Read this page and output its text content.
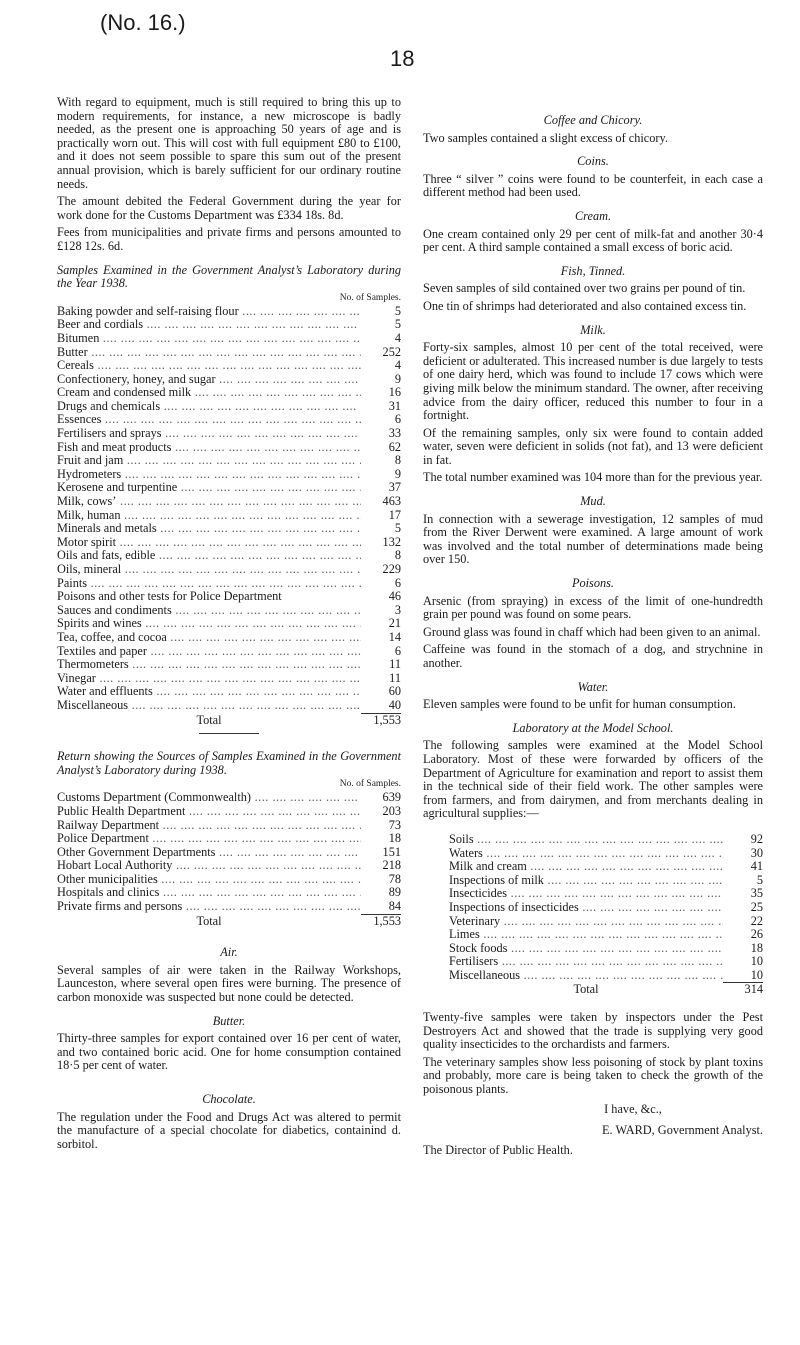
(No. 16.)
18

With regard to equipment, much is still required to bring this up to modern requirements, for instance, a new microscope is badly needed, as the present one is approaching 50 years of age and is practically worn out. This will cost with full equipment £80 to £100, and it does not seem possible to spare this sum out of the present annual provision, which is barely sufficient for our ordinary routine needs.

The amount debited the Federal Government during the year for work done for the Customs Department was £334 18s. 8d.

Fees from municipalities and private firms and persons amounted to £128 12s. 6d.

Samples Examined in the Government Analyst’s Laboratory during the Year 1938.

No. of Samples.
Baking powder and self-raising flour ....	5
Beer and cordials ....	5
Bitumen ....	4
Butter ....	252
Cereals ....	4
Confectionery, honey, and sugar ....	9
Cream and condensed milk ....	16
Drugs and chemicals ....	31
Essences ....	6
Fertilisers and sprays ....	33
Fish and meat products ....	62
Fruit and jam ....	8
Hydrometers ....	9
Kerosene and turpentine ....	37
Milk, cows’ ....	463
Milk, human ....	17
Minerals and metals ....	5
Motor spirit ....	132
Oils and fats, edible ....	8
Oils, mineral ....	229
Paints ....	6
Poisons and other tests for Police Department	46
Sauces and condiments ....	3
Spirits and wines ....	21
Tea, coffee, and cocoa ....	14
Textiles and paper ....	6
Thermometers ....	11
Vinegar ....	11
Water and effluents ....	60
Miscellaneous ....	40
Total	1,553

Return showing the Sources of Samples Examined in the Government Analyst’s Laboratory during 1938.

No. of Samples.
Customs Department (Commonwealth) ....	639
Public Health Department ....	203
Railway Department ....	73
Police Department ....	18
Other Government Departments ....	151
Hobart Local Authority ....	218
Other municipalities ....	78
Hospitals and clinics ....	89
Private firms and persons ....	84
Total	1,553
Air.

Several samples of air were taken in the Railway Workshops, Launceston, where several open fires were burning. The presence of carbon monoxide was suspected but none could be detected.

Butter.

Thirty-three samples for export contained over 16 per cent of water, and two contained boric acid. One for home consumption contained 18·5 per cent of water.

Chocolate.

The regulation under the Food and Drugs Act was altered to permit the manufacture of a special chocolate for diabetics, containind d. sorbitol.

Coffee and Chicory.

Two samples contained a slight excess of chicory.

Coins.

Three “ silver ” coins were found to be counterfeit, in each case a different method had been used.

Cream.

One cream contained only 29 per cent of milk-fat and another 30·4 per cent. A third sample contained a small excess of boric acid.

Fish, Tinned.

Seven samples of sild contained over two grains per pound of tin.

One tin of shrimps had deteriorated and also contained excess tin.

Milk.

Forty-six samples, almost 10 per cent of the total received, were deficient or adulterated. This increased number is due largely to tests of one dairy herd, which was found to include 17 cows which were giving milk below the minimum standard. The owner, after receiving advice from the dairy officer, reduced this number to four in a fortnight.

Of the remaining samples, only six were found to contain added water, seven were deficient in solids (not fat), and 13 were deficient in fat.

The total number examined was 104 more than for the previous year.

Mud.

In connection with a sewerage investigation, 12 samples of mud from the River Derwent were examined. A large amount of work was involved and the total number of determinations made being over 150.

Poisons.

Arsenic (from spraying) in excess of the limit of one-hundredth grain per pound was found on some pears.

Ground glass was found in chaff which had been given to an animal.

Caffeine was found in the stomach of a dog, and strychnine in another.

Water.

Eleven samples were found to be unfit for human consumption.

Laboratory at the Model School.

The following samples were examined at the Model School Laboratory. Most of these were forwarded by officers of the Department of Agriculture for examination and report to assist them in the technical side of their field work. The other samples were from farmers, and from dairymen, and from merchants dealing in agricultural supplies:—

Soils ....	92
Waters ....	30
Milk and cream ....	41
Inspections of milk ....	5
Insecticides ....	35
Inspections of insecticides ....	25
Veterinary ....	22
Limes ....	26
Stock foods ....	18
Fertilisers ....	10
Miscellaneous ....	10
Total	314

Twenty-five samples were taken by inspectors under the Pest Destroyers Act and showed that the trade is supplying very good quality insecticides to the orchardists and farmers.

The veterinary samples show less poisoning of stock by plant toxins and probably, more care is being taken to check the growth of the poisonous plants.

I have, &c.,
E. WARD, Government Analyst.
The Director of Public Health.
